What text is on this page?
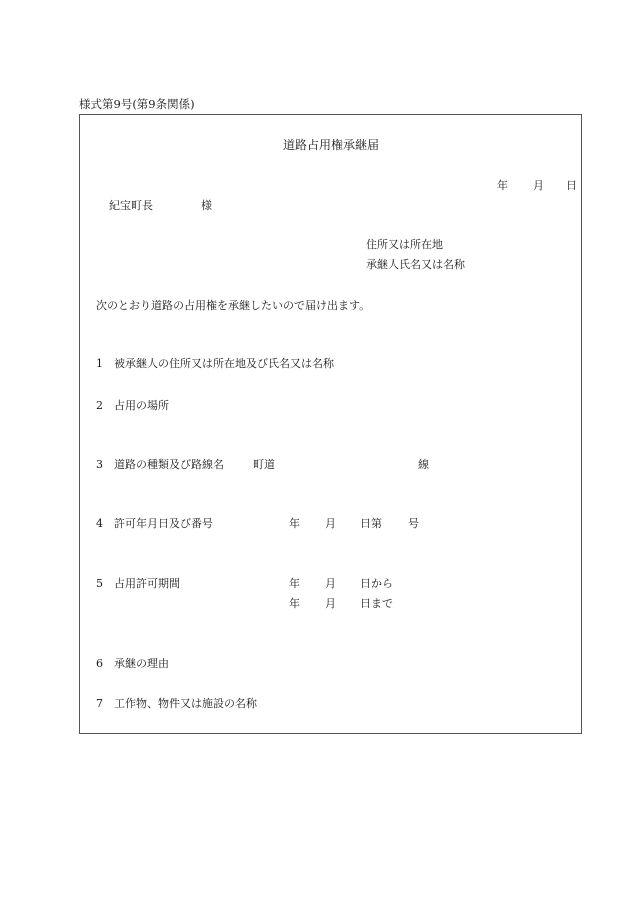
様式第9号(第9条関係)
道路占用権承継届
年 月 日
紀宝町長	様
住所又は所在地
承継人氏名又は名称
次のとおり道路の占用権を承継したいので届け出ます。
1 被承継人の住所又は所在地及び氏名又は名称
2 占用の場所
3 道路の種類及び路線名	町道	線
4 許可年月日及び番号	年 月 日第 号
5 占用許可期間	年 月 日から
年 月 日まで
6 承継の理由
7 工作物、物件又は施設の名称
